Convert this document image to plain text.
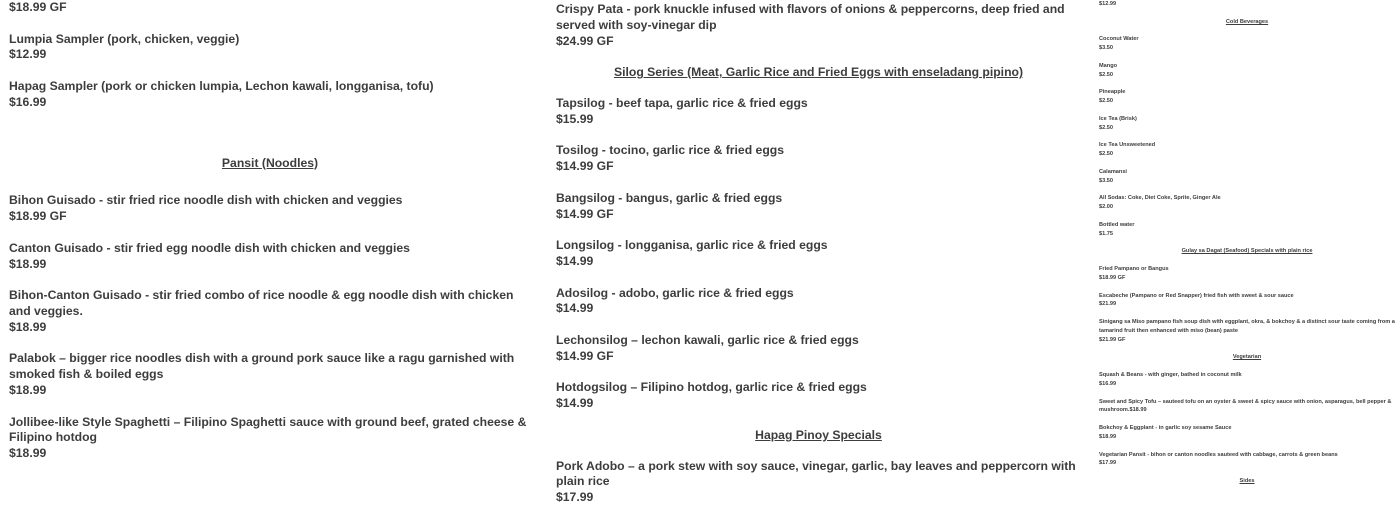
$18.99 GF
Lumpia Sampler (pork, chicken, veggie)
$12.99
Hapag Sampler (pork or chicken lumpia, Lechon kawali, longganisa, tofu)
$16.99
Pansit (Noodles)
Bihon Guisado - stir fried rice noodle dish with chicken and veggies
$18.99 GF
Canton Guisado - stir fried egg noodle dish with chicken and veggies
$18.99
Bihon-Canton Guisado - stir fried combo of rice noodle & egg noodle dish with chicken and veggies.
$18.99
Palabok – bigger rice noodles dish with a ground pork sauce like a ragu garnished with smoked fish & boiled eggs
$18.99
Jollibee-like Style Spaghetti – Filipino Spaghetti sauce with ground beef, grated cheese & Filipino hotdog
$18.99
Crispy Pata - pork knuckle infused with flavors of onions & peppercorns, deep fried and served with soy-vinegar dip
$24.99 GF
Silog Series (Meat, Garlic Rice and Fried Eggs with enseladang pipino)
Tapsilog - beef tapa, garlic rice & fried eggs
$15.99
Tosilog - tocino, garlic rice & fried eggs
$14.99 GF
Bangsilog - bangus, garlic & fried eggs
$14.99 GF
Longsilog - longganisa, garlic rice & fried eggs
$14.99
Adosilog - adobo, garlic rice & fried eggs
$14.99
Lechonsilog – lechon kawali, garlic rice & fried eggs
$14.99 GF
Hotdogsilog – Filipino hotdog, garlic rice & fried eggs
$14.99
Hapag Pinoy Specials
Pork Adobo – a pork stew with soy sauce, vinegar, garlic, bay leaves and peppercorn with plain rice
$17.99
$12.99
Cold Beverages
Coconut Water
$3.50
Mango
$2.50
Pineapple
$2.50
Ice Tea (Brisk)
$2.50
Ice Tea Unsweetened
$2.50
Calamansi
$3.50
All Sodas: Coke, Diet Coke, Sprite, Ginger Ale
$2.00
Bottled water
$1.75
Gulay sa Dagat (Seafood) Specials with plain rice
Fried Pampano or Bangus
$18.99 GF
Escabeche (Pampano or Red Snapper) fried fish with sweet & sour sauce
$21.99
Sinigang sa Miso pampano fish soup dish with eggplant, okra, & bokchoy & a distinct sour taste coming from a tamarind fruit then enhanced with miso (bean) paste
$21.99 GF
Vegetarian
Squash & Beans - with ginger, bathed in coconut milk
$16.99
Sweet and Spicy Tofu – sauteed tofu on an oyster & sweet & spicy sauce with onion, asparagus, bell pepper & mushroom.$18.99
Bokchoy & Eggplant - in garlic soy sesame Sauce
$18.99
Vegetarian Pansit - bihon or canton noodles sauteed with cabbage, carrots & green beans
$17.99
Sides
